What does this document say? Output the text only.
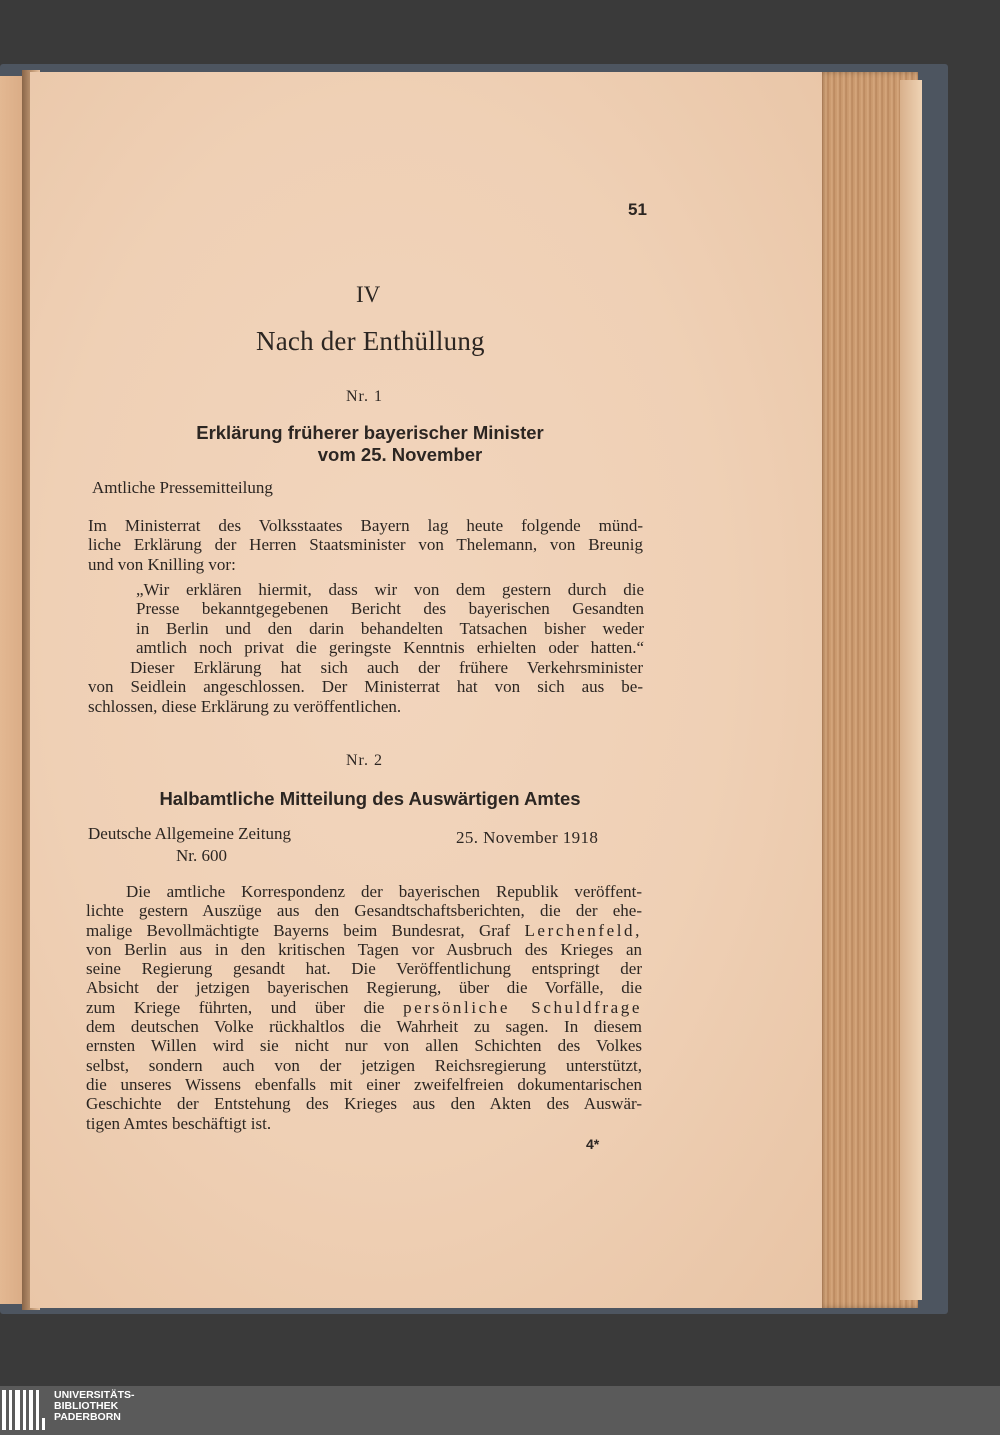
51

IV

Nach der Enthüllung

Nr. 1

Erklärung früherer bayerischer Minister

vom 25. November

Amtliche Pressemitteilung

Im Ministerrat des Volksstaates Bayern lag heute folgende münd-
liche Erklärung der Herren Staatsminister von Thelemann, von Breunig
und von Knilling vor:
„Wir erklären hiermit, dass wir von dem gestern durch die
Presse bekanntgegebenen Bericht des bayerischen Gesandten
in Berlin und den darin behandelten Tatsachen bisher weder
amtlich noch privat die geringste Kenntnis erhielten oder hatten.“
Dieser Erklärung hat sich auch der frühere Verkehrsminister
von Seidlein angeschlossen. Der Ministerrat hat von sich aus be-
schlossen, diese Erklärung zu veröffentlichen.

Nr. 2

Halbamtliche Mitteilung des Auswärtigen Amtes

Deutsche Allgemeine Zeitung

Nr. 600

25. November 1918

Die amtliche Korrespondenz der bayerischen Republik veröffent-
lichte gestern Auszüge aus den Gesandtschaftsberichten, die der ehe-
malige Bevollmächtigte Bayerns beim Bundesrat, Graf Lerchenfeld,
von Berlin aus in den kritischen Tagen vor Ausbruch des Krieges an
seine Regierung gesandt hat. Die Veröffentlichung entspringt der
Absicht der jetzigen bayerischen Regierung, über die Vorfälle, die
zum Kriege führten, und über die persönliche Schuldfrage
dem deutschen Volke rückhaltlos die Wahrheit zu sagen. In diesem
ernsten Willen wird sie nicht nur von allen Schichten des Volkes
selbst, sondern auch von der jetzigen Reichsregierung unterstützt,
die unseres Wissens ebenfalls mit einer zweifelfreien dokumentarischen
Geschichte der Entstehung des Krieges aus den Akten des Auswär-
tigen Amtes beschäftigt ist.

4*

UNIVERSITÄTS-
BIBLIOTHEK
PADERBORN
